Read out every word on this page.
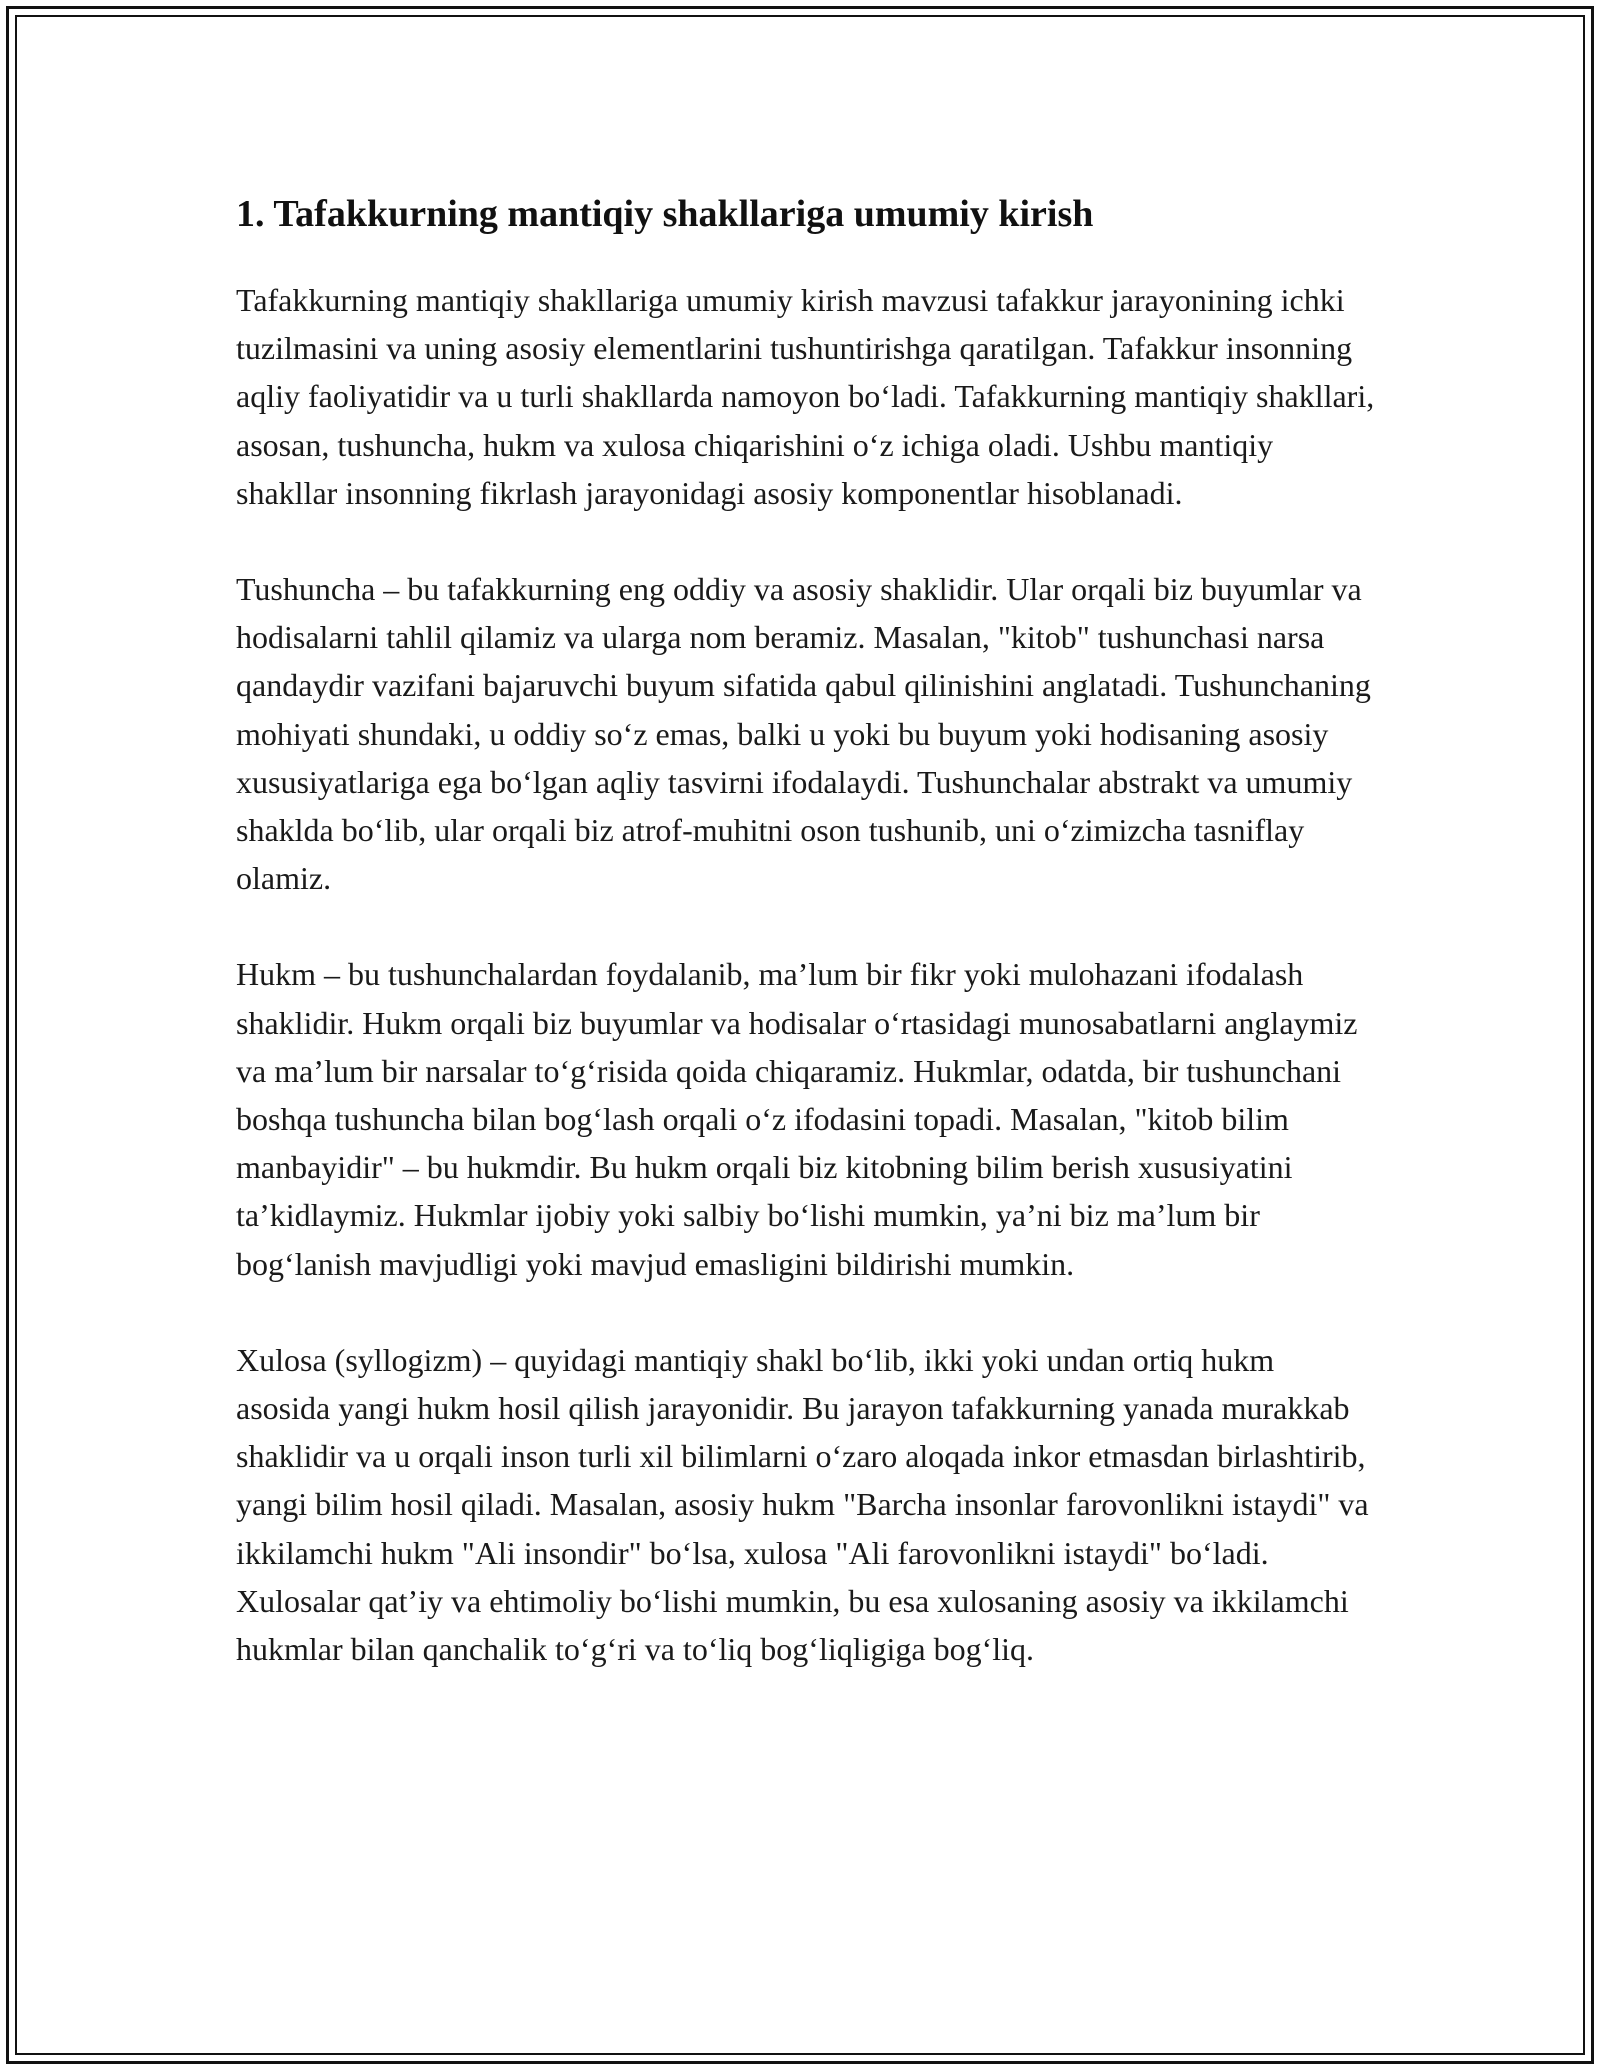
1. Tafakkurning mantiqiy shakllariga umumiy kirish

Tafakkurning mantiqiy shakllariga umumiy kirish mavzusi tafakkur jarayonining ichki tuzilmasini va uning asosiy elementlarini tushuntirishga qaratilgan. Tafakkur insonning aqliy faoliyatidir va u turli shakllarda namoyon bo‘ladi. Tafakkurning mantiqiy shakllari, asosan, tushuncha, hukm va xulosa chiqarishini o‘z ichiga oladi. Ushbu mantiqiy shakllar insonning fikrlash jarayonidagi asosiy komponentlar hisoblanadi.

Tushuncha – bu tafakkurning eng oddiy va asosiy shaklidir. Ular orqali biz buyumlar va hodisalarni tahlil qilamiz va ularga nom beramiz. Masalan, "kitob" tushunchasi narsa qandaydir vazifani bajaruvchi buyum sifatida qabul qilinishini anglatadi. Tushunchaning mohiyati shundaki, u oddiy so‘z emas, balki u yoki bu buyum yoki hodisaning asosiy xususiyatlariga ega bo‘lgan aqliy tasvirni ifodalaydi. Tushunchalar abstrakt va umumiy shaklda bo‘lib, ular orqali biz atrof-muhitni oson tushunib, uni o‘zimizcha tasniflay olamiz.

Hukm – bu tushunchalardan foydalanib, ma’lum bir fikr yoki mulohazani ifodalash shaklidir. Hukm orqali biz buyumlar va hodisalar o‘rtasidagi munosabatlarni anglaymiz va ma’lum bir narsalar to‘g‘risida qoida chiqaramiz. Hukmlar, odatda, bir tushunchani boshqa tushuncha bilan bog‘lash orqali o‘z ifodasini topadi. Masalan, "kitob bilim manbayidir" – bu hukmdir. Bu hukm orqali biz kitobning bilim berish xususiyatini ta’kidlaymiz. Hukmlar ijobiy yoki salbiy bo‘lishi mumkin, ya’ni biz ma’lum bir bog‘lanish mavjudligi yoki mavjud emasligini bildirishi mumkin.

Xulosa (syllogizm) – quyidagi mantiqiy shakl bo‘lib, ikki yoki undan ortiq hukm asosida yangi hukm hosil qilish jarayonidir. Bu jarayon tafakkurning yanada murakkab shaklidir va u orqali inson turli xil bilimlarni o‘zaro aloqada inkor etmasdan birlashtirib, yangi bilim hosil qiladi. Masalan, asosiy hukm "Barcha insonlar farovonlikni istaydi" va ikkilamchi hukm "Ali insondir" bo‘lsa, xulosa "Ali farovonlikni istaydi" bo‘ladi. Xulosalar qat’iy va ehtimoliy bo‘lishi mumkin, bu esa xulosaning asosiy va ikkilamchi hukmlar bilan qanchalik to‘g‘ri va to‘liq bog‘liqligiga bog‘liq.
